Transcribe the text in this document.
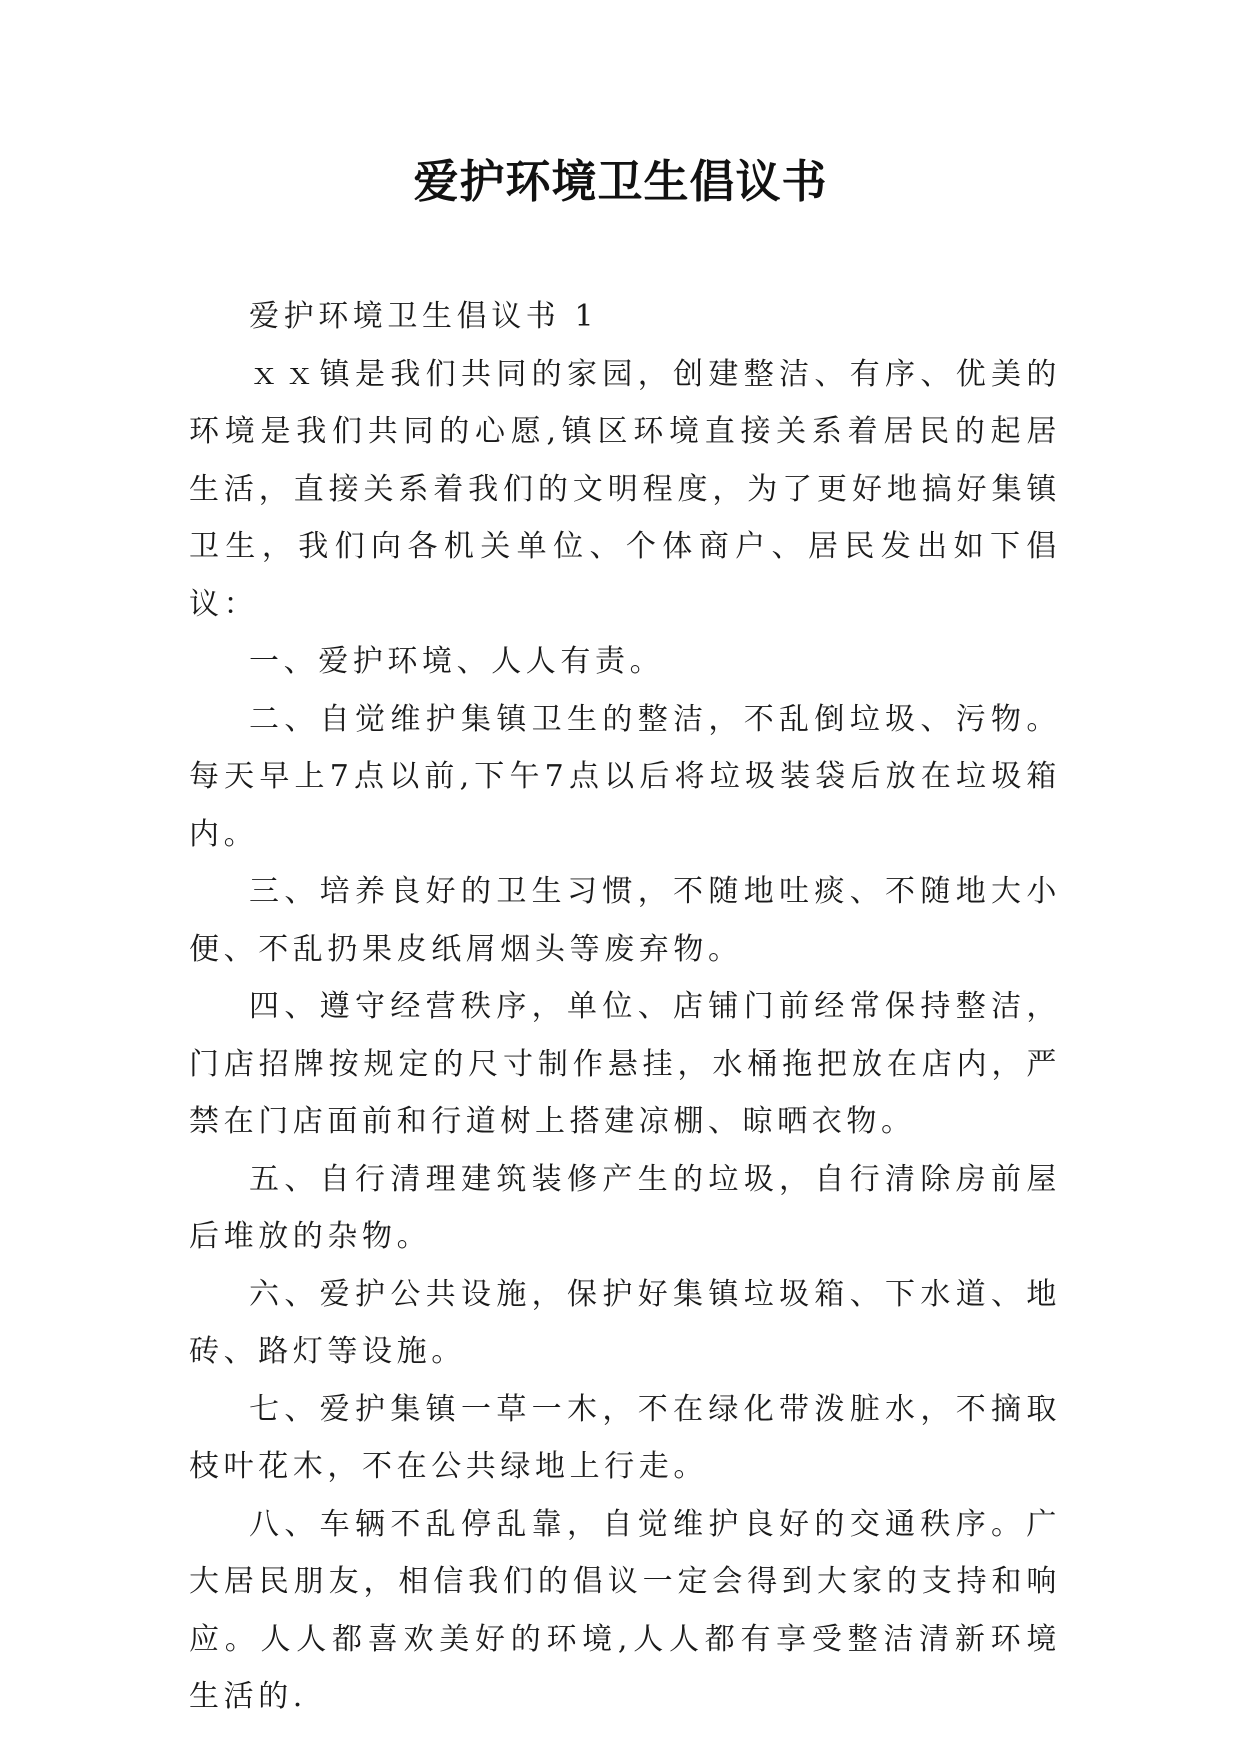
爱护环境卫生倡议书

爱护环境卫生倡议书 1

ｘｘ镇是我们共同的家园，创建整洁、有序、优美的环境是我们共同的心愿,镇区环境直接关系着居民的起居生活，直接关系着我们的文明程度，为了更好地搞好集镇卫生，我们向各机关单位、个体商户、居民发出如下倡议：

一、爱护环境、人人有责。

二、自觉维护集镇卫生的整洁，不乱倒垃圾、污物。每天早上7点以前,下午7点以后将垃圾装袋后放在垃圾箱内。

三、培养良好的卫生习惯，不随地吐痰、不随地大小便、不乱扔果皮纸屑烟头等废弃物。

四、遵守经营秩序，单位、店铺门前经常保持整洁，门店招牌按规定的尺寸制作悬挂，水桶拖把放在店内，严禁在门店面前和行道树上搭建凉棚、晾晒衣物。

五、自行清理建筑装修产生的垃圾，自行清除房前屋后堆放的杂物。

六、爱护公共设施，保护好集镇垃圾箱、下水道、地砖、路灯等设施。

七、爱护集镇一草一木，不在绿化带泼脏水，不摘取枝叶花木，不在公共绿地上行走。

八、车辆不乱停乱靠，自觉维护良好的交通秩序。广大居民朋友，相信我们的倡议一定会得到大家的支持和响应。人人都喜欢美好的环境,人人都有享受整洁清新环境生活的.
